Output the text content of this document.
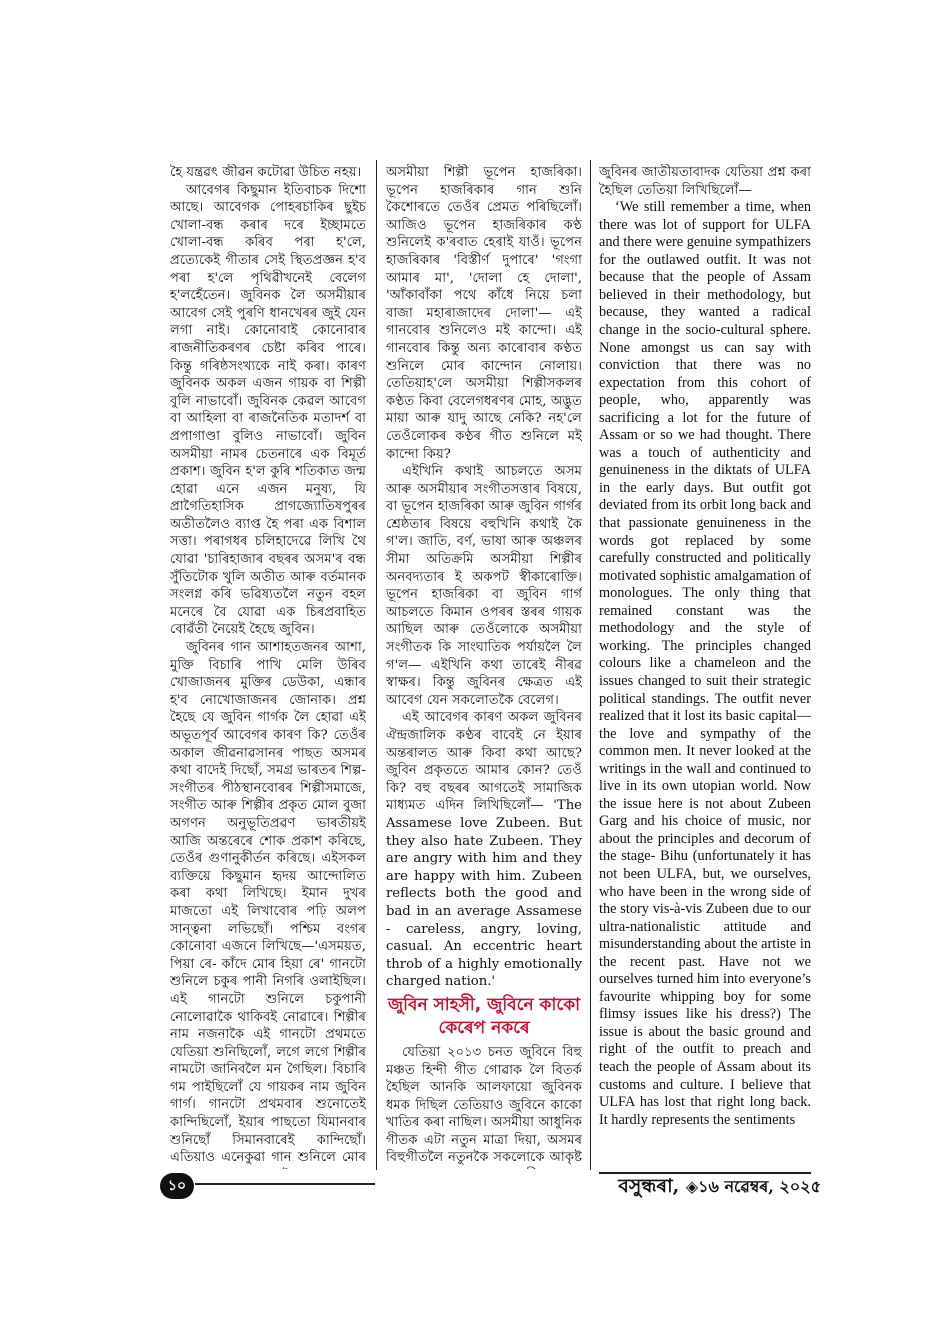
হৈ যন্ত্ৰৱৎ জীৱন কটোৱা উচিত নহয়।

আবেগৰ কিছুমান ইতিবাচক দিশো আছে। আবেগক পোহৰচাকিৰ ছুইচ খোলা-বন্ধ কৰাৰ দৰে ইচ্ছামতে খোলা-বন্ধ কৰিব পৰা হ'লে, প্ৰত্যেকেই গীতাৰ সেই স্থিতপ্ৰজ্ঞন হ'ব পৰা হ'লে পৃথিৱীখনেই বেলেগ হ'লহেঁতেন। জুবিনক লৈ অসমীয়াৰ আবেগ সেই পুৰণি ধানখেৰৰ জুই যেন লগা নাই। কোনোবাই কোনোবাৰ ৰাজনীতিকৰণৰ চেষ্টা কৰিব পাৰে। কিন্তু গৰিষ্ঠসংখ্যকে নাই কৰা। কাৰণ জুবিনক অকল এজন গায়ক বা শিল্পী বুলি নাভাবোঁ। জুবিনক কেৱল আবেগ বা আহিলা বা ৰাজনৈতিক মতাদৰ্শ বা প্ৰপাগাণ্ডা বুলিও নাভাবোঁ। জুবিন অসমীয়া নামৰ চেতনাৰে এক বিমূৰ্ত প্ৰকাশ। জুবিন হ'ল কুৰি শতিকাত জন্ম হোৱা এনে এজন মনুষ্য, যি প্ৰাগৈতিহাসিক প্ৰাগজ্যোতিষপুৰৰ অতীতলৈও ব্যাপ্ত হৈ পৰা এক বিশাল সত্তা। পৰাগধৰ চলিহাদেৱে লিখি থৈ যোৱা 'চাৰিহাজাৰ বছৰৰ অসম'ৰ বন্ধ সুঁতিটোক খুলি অতীত আৰু বৰ্তমানক সংলগ্ন কৰি ভৱিষ্যতলৈ নতুন বহল মনেৰে বৈ যোৱা এক চিৰপ্ৰবাহিত বোৱঁতী নৈয়েই হৈছে জুবিন।

জুবিনৰ গান আশাহতজনৰ আশা, মুক্তি বিচাৰি পাখি মেলি উৰিব খোজাজনৰ মুক্তিৰ ডেউকা, এন্ধাৰ হ'ব নোখোজাজনৰ জোনাক। প্ৰশ্ন হৈছে যে জুবিন গাৰ্গক লৈ হোৱা এই অভূতপূৰ্ব আবেগৰ কাৰণ কি? তেওঁৰ অকাল জীৱনাৱসানৰ পাছত অসমৰ কথা বাদেই দিছোঁ, সমগ্ৰ ভাৰতৰ শিল্প-সংগীতৰ পীঠস্থানবোৰৰ শিল্পীসমাজে, সংগীত আৰু শিল্পীৰ প্ৰকৃত মোল বুজা অগণন অনুভূতিপ্ৰৱণ ভাৰতীয়ই আজি অন্তৰেৰে শোক প্ৰকাশ কৰিছে, তেওঁৰ গুণানুকীৰ্তন কৰিছে। এইসকল ব্যক্তিয়ে কিছুমান হৃদয় আন্দোলিত কৰা কথা লিখিছে। ইমান দুখৰ মাজতো এই লিখাবোৰ পঢ়ি অলপ সান্ত্বনা লভিছোঁ। পশ্চিম বংগৰ কোনোবা এজনে লিখিছে—'এসময়ত, পিয়া ৰে- কাঁদে মোৰ হিয়া ৰে' গানটো শুনিলে চকুৰ পানী নিগৰি ওলাইছিল। এই গানটো শুনিলে চকুপানী নোলোৱাকৈ থাকিবই নোৱাৰে। শিল্পীৰ নাম নজনাকৈ এই গানটো প্ৰথমতে যেতিয়া শুনিছিলোঁ, লগে লগে শিল্পীৰ নামটো জানিবলৈ মন গৈছিল। বিচাৰি গম পাইছিলোঁ যে গায়কৰ নাম জুবিন গাৰ্গ। গানটো প্ৰথমবাৰ শুনোতেই কান্দিছিলোঁ, ইয়াৰ পাছতো যিমানবাৰ শুনিছোঁ সিমানবাৰেই কান্দিছোঁ। এতিয়াও এনেকুৱা গান শুনিলে মোৰ

অসমীয়া শিল্পী ভূপেন হাজৰিকা। ভূপেন হাজৰিকাৰ গান শুনি কৈশোৰতে তেওঁৰ প্ৰেমত পৰিছিলোঁ। আজিও ভূপেন হাজৰিকাৰ কণ্ঠ শুনিলেই ক'ৰবাত হেৰাই যাওঁ। ভূপেন হাজৰিকাৰ 'বিস্তীৰ্ণ দুপাৰে' 'গংগা আমাৰ মা', 'দোলা হে দোলা', 'আঁকাবাঁকা পথে কাঁধে নিয়ে চলা বাজা মহাৰাজাদেৰ দোলা'— এই গানবোৰ শুনিলেও মই কান্দো। এই গানবোৰ কিন্তু অন্য কাৰোবাৰ কণ্ঠত শুনিলে মোৰ কান্দোন নোলায়। তেতিয়াহ'লে অসমীয়া শিল্পীসকলৰ কণ্ঠত কিবা বেলেগধৰণৰ মোহ, অদ্ভুত মায়া আৰু যাদু আছে নেকি? নহ'লে তেওঁলোকৰ কণ্ঠৰ গীত শুনিলে মই কান্দো কিয়?

এইখিনি কথাই আচলতে অসম আৰু অসমীয়াৰ সংগীতসত্তাৰ বিষয়ে, বা ভূপেন হাজৰিকা আৰু জুবিন গাৰ্গৰ শ্ৰেষ্ঠতাৰ বিষয়ে বহুখিনি কথাই কৈ গ'ল। জাতি, বৰ্ণ, ভাষা আৰু অঞ্চলৰ সীমা অতিক্ৰমি অসমীয়া শিল্পীৰ অনবদ্যতাৰ ই অকপট স্বীকাৰোক্তি। ভূপেন হাজৰিকা বা জুবিন গাৰ্গ আচলতে কিমান ওপৰৰ স্তৰৰ গায়ক আছিল আৰু তেওঁলোকে অসমীয়া সংগীতক কি সাংঘাতিক পৰ্যায়লৈ লৈ গ'ল— এইখিনি কথা তাৰেই নীৰৱ স্বাক্ষৰ। কিন্তু জুবিনৰ ক্ষেত্ৰত এই আবেগ যেন সকলোতকৈ বেলেগ।

এই আবেগৰ কাৰণ অকল জুবিনৰ ঐন্দ্ৰজালিক কণ্ঠৰ বাবেই নে ইয়াৰ অন্তৰালত আৰু কিবা কথা আছে? জুবিন প্ৰকৃততে আমাৰ কোন? তেওঁ কি? বহু বছৰৰ আগতেই সামাজিক মাধ্যমত এদিন লিখিছিলোঁ— 'The Assamese love Zubeen. But they also hate Zubeen. They are angry with him and they are happy with him. Zubeen reflects both the good and bad in an average Assamese - careless, angry, loving, casual. An eccentric heart throb of a highly emotionally charged nation.'

জুবিন সাহসী, জুবিনে কাকো কেৰেপ নকৰে

যেতিয়া ২০১৩ চনত জুবিনে বিহু মঞ্চত হিন্দী গীত গোৱাক লৈ বিতৰ্ক হৈছিল আনকি আলফায়ো জুবিনক ধমক দিছিল তেতিয়াও জুবিনে কাকো খাতিৰ কৰা নাছিল। অসমীয়া আধুনিক গীতক এটা নতুন মাত্ৰা দিয়া, অসমৰ বিহুগীতলৈ নতুনকৈ সকলোকে আকৃষ্ট

জুবিনৰ জাতীয়তাবাদক যেতিয়া প্ৰশ্ন কৰা হৈছিল তেতিয়া লিখিছিলোঁ—

‘We still remember a time, when there was lot of support for ULFA and there were genuine sympathizers for the outlawed outfit. It was not because that the people of Assam believed in their methodology, but because, they wanted a radical change in the socio-cultural sphere. None amongst us can say with conviction that there was no expectation from this cohort of people, who, apparently was sacrificing a lot for the future of Assam or so we had thought. There was a touch of authenticity and genuineness in the diktats of ULFA in the early days. But outfit got deviated from its orbit long back and that passionate genuineness in the words got replaced by some carefully constructed and politically motivated sophistic amalgamation of monologues. The only thing that remained constant was the methodology and the style of working. The principles changed colours like a chameleon and the issues changed to suit their strategic political standings. The outfit never realized that it lost its basic capital— the love and sympathy of the common men. It never looked at the writings in the wall and continued to live in its own utopian world. Now the issue here is not about Zubeen Garg and his choice of music, nor about the principles and decorum of the stage- Bihu (unfortunately it has not been ULFA, but, we ourselves, who have been in the wrong side of the story vis-à-vis Zubeen due to our ultra-nationalistic attitude and misunderstanding about the artiste in the recent past. Have not we ourselves turned him into everyone’s favourite whipping boy for some flimsy issues like his dress?) The issue is about the basic ground and right of the outfit to preach and teach the people of Assam about its customs and culture. I believe that ULFA has lost that right long back. It hardly represents the sentiments

১০	বসুন্ধৰা, ◈১৬ নৱেম্বৰ, ২০২৫
